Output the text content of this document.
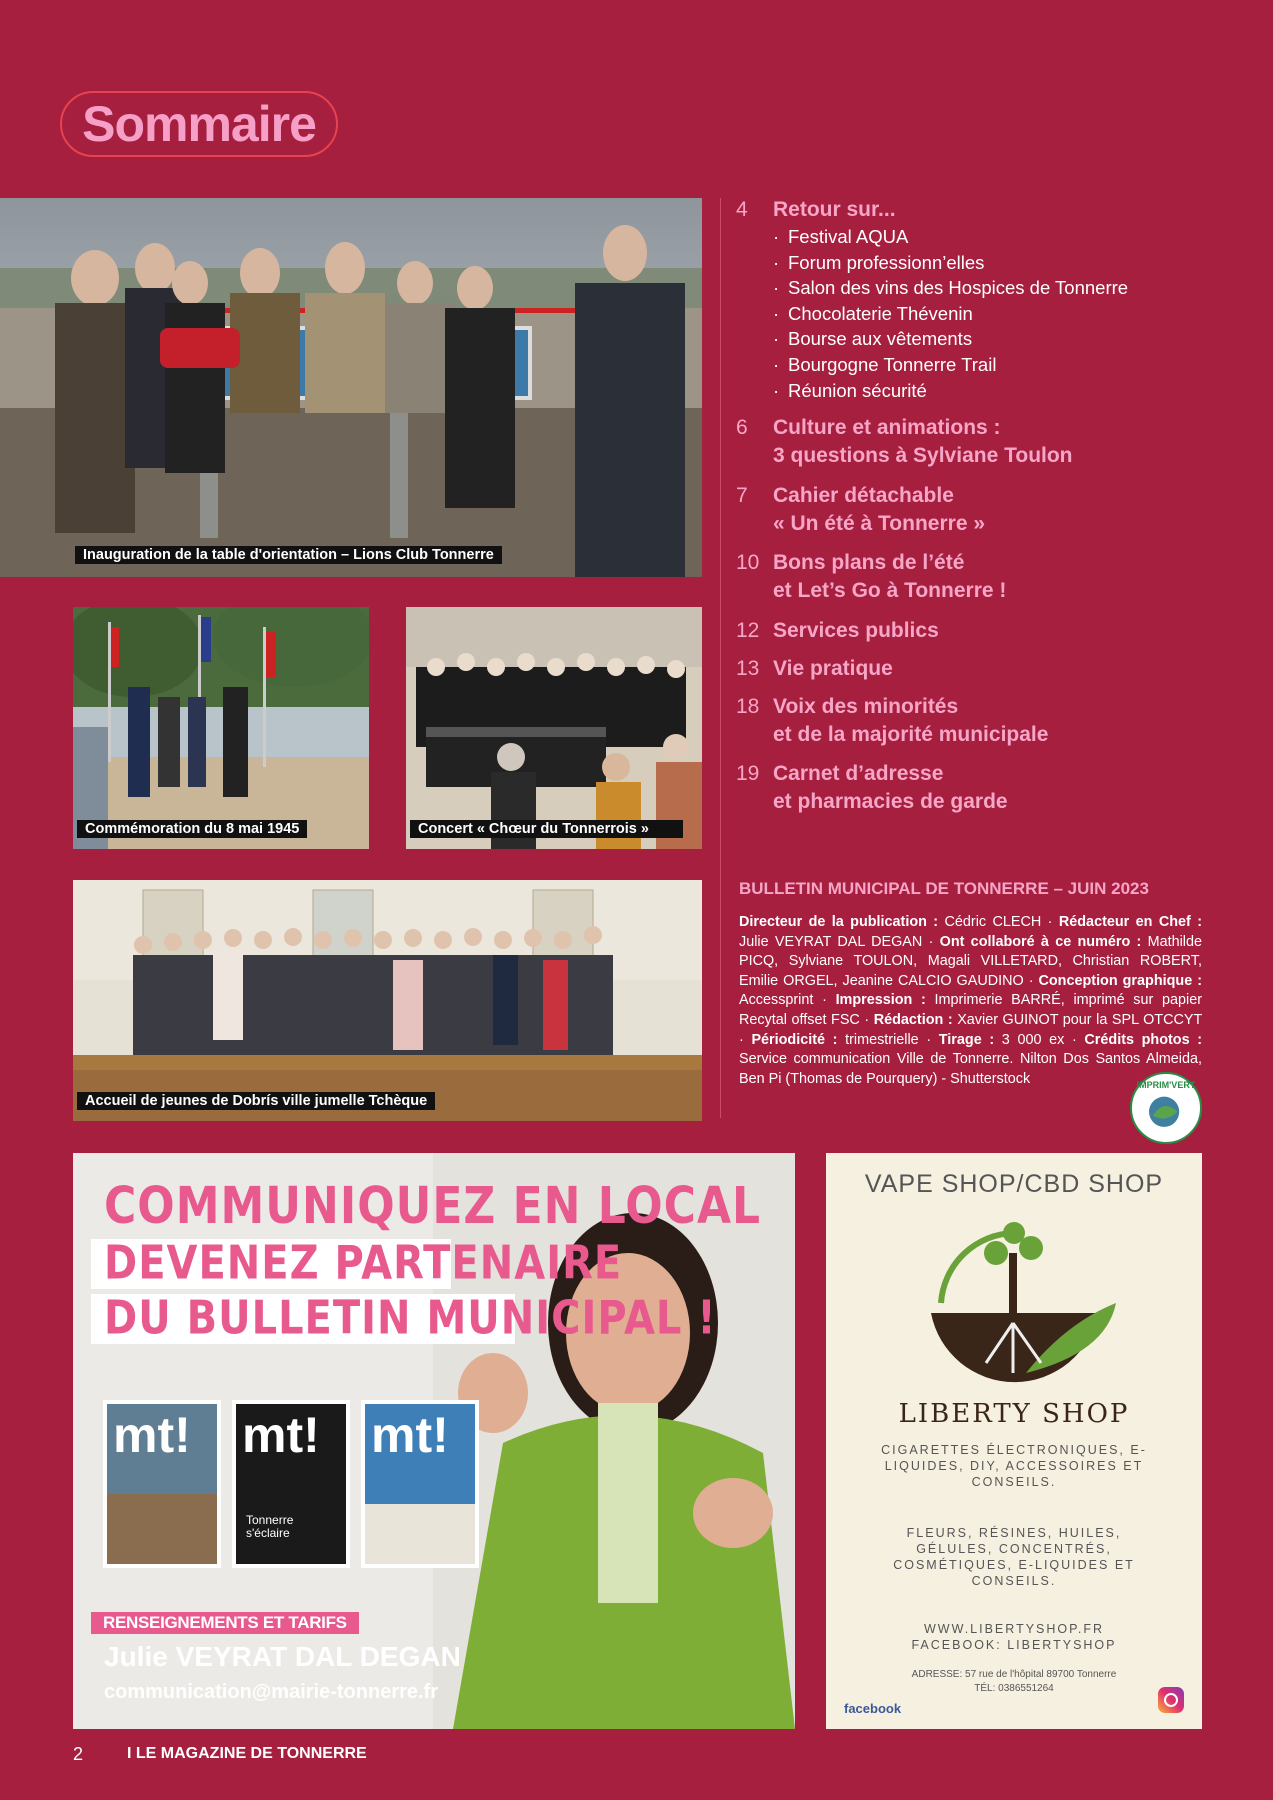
Sommaire
Inauguration de la table d'orientation – Lions Club Tonnerre
Commémoration du 8 mai 1945	Concert « Chœur du Tonnerrois »
Accueil de jeunes de Dobrís ville jumelle Tchèque
4	Retour sur...
· Festival AQUA
· Forum professionn’elles
· Salon des vins des Hospices de Tonnerre
· Chocolaterie Thévenin
· Bourse aux vêtements
· Bourgogne Tonnerre Trail
· Réunion sécurité
6	Culture et animations :
3 questions à Sylviane Toulon
7	Cahier détachable
« Un été à Tonnerre »
10 Bons plans de l’été
et Let’s Go à Tonnerre !
12 Services publics
13 Vie pratique
18 Voix des minorités
et de la majorité municipale
19 Carnet d’adresse
et pharmacies de garde
BULLETIN MUNICIPAL DE TONNERRE – JUIN 2023
Directeur de la publication : Cédric CLECH · Rédacteur en Chef : Julie VEYRAT DAL DEGAN · Ont collaboré à ce numéro : Mathilde PICQ, Sylviane TOULON, Magali VILLETARD, Christian ROBERT, Emilie ORGEL, Jeanine CALCIO GAUDINO · Conception graphique : Accessprint · Impression : Imprimerie BARRÉ, imprimé sur papier Recytal offset FSC · Rédaction : Xavier GUINOT pour la SPL OTCCYT · Périodicité : trimestrielle · Tirage : 3 000 ex · Crédits photos : Service communication Ville de Tonnerre. Nilton Dos Santos Almeida, Ben Pi (Thomas de Pourquery) - Shutterstock	IMPRIM'VERT
COMMUNIQUEZ EN LOCAL
DEVENEZ PARTENAIRE
DU BULLETIN MUNICIPAL !
mt! mt!
Tonnerre s'éclaire
mt!
RENSEIGNEMENTS ET TARIFS
Julie VEYRAT DAL DEGAN
communication@mairie-tonnerre.fr
VAPE SHOP/CBD SHOP
LIBERTY SHOP
CIGARETTES ÉLECTRONIQUES, E-LIQUIDES, DIY, ACCESSOIRES ET CONSEILS.
FLEURS, RÉSINES, HUILES, GÉLULES, CONCENTRÉS, COSMÉTIQUES, E-LIQUIDES ET CONSEILS.
WWW.LIBERTYSHOP.FR
FACEBOOK: LIBERTYSHOP
ADRESSE: 57 rue de l'hôpital 89700 Tonnerre
TÉL: 0386551264
facebook
2	I LE MAGAZINE DE TONNERRE
